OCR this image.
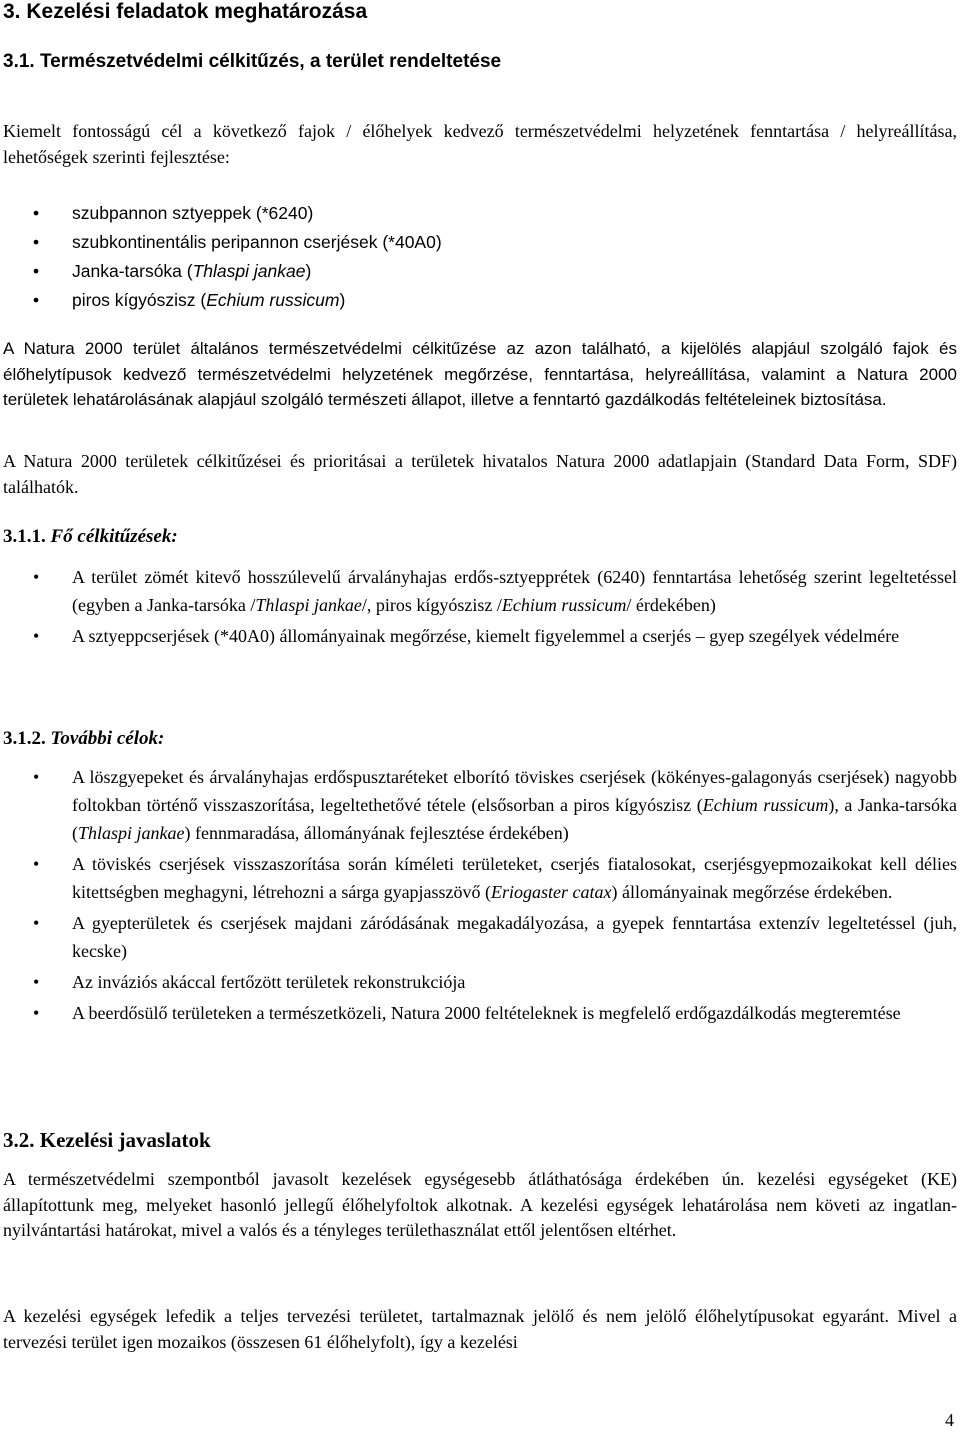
3. Kezelési feladatok meghatározása
3.1. Természetvédelmi célkitűzés, a terület rendeltetése

Kiemelt fontosságú cél a következő fajok / élőhelyek kedvező természetvédelmi helyzetének fenntartása / helyreállítása, lehetőségek szerinti fejlesztése:

• szubpannon sztyeppek (*6240)
• szubkontinentális peripannon cserjések (*40A0)
• Janka-tarsóka (Thlaspi jankae)
• piros kígyószisz (Echium russicum)

A Natura 2000 terület általános természetvédelmi célkitűzése az azon található, a kijelölés alapjául szolgáló fajok és élőhelytípusok kedvező természetvédelmi helyzetének megőrzése, fenntartása, helyreállítása, valamint a Natura 2000 területek lehatárolásának alapjául szolgáló természeti állapot, illetve a fenntartó gazdálkodás feltételeinek biztosítása.

A Natura 2000 területek célkitűzései és prioritásai a területek hivatalos Natura 2000 adatlapjain (Standard Data Form, SDF) találhatók.

3.1.1. Fő célkitűzések:
• A terület zömét kitevő hosszúlevelű árvalányhajas erdős-sztyepprétek (6240) fenntartása lehetőség szerint legeltetéssel (egyben a Janka-tarsóka /Thlaspi jankae/, piros kígyószisz /Echium russicum/ érdekében)
• A sztyeppcserjések (*40A0) állományainak megőrzése, kiemelt figyelemmel a cserjés – gyep szegélyek védelmére
3.1.2. További célok:
• A löszgyepeket és árvalányhajas erdőspusztaréteket elborító töviskes cserjések (kökényes-galagonyás cserjések) nagyobb foltokban történő visszaszorítása, legeltethetővé tétele (elsősorban a piros kígyószisz (Echium russicum), a Janka-tarsóka (Thlaspi jankae) fennmaradása, állományának fejlesztése érdekében)
• A töviskés cserjések visszaszorítása során kíméleti területeket, cserjés fiatalosokat, cserjésgyepmozaikokat kell délies kitettségben meghagyni, létrehozni a sárga gyapjasszövő (Eriogaster catax) állományainak megőrzése érdekében.
• A gyepterületek és cserjések majdani záródásának megakadályozása, a gyepek fenntartása extenzív legeltetéssel (juh, kecske)
• Az inváziós akáccal fertőzött területek rekonstrukciója
• A beerdősülő területeken a természetközeli, Natura 2000 feltételeknek is megfelelő erdőgazdálkodás megteremtése
3.2. Kezelési javaslatok

A természetvédelmi szempontból javasolt kezelések egységesebb átláthatósága érdekében ún. kezelési egységeket (KE) állapítottunk meg, melyeket hasonló jellegű élőhelyfoltok alkotnak. A kezelési egységek lehatárolása nem követi az ingatlan-nyilvántartási határokat, mivel a valós és a tényleges területhasználat ettől jelentősen eltérhet.

A kezelési egységek lefedik a teljes tervezési területet, tartalmaznak jelölő és nem jelölő élőhelytípusokat egyaránt. Mivel a tervezési terület igen mozaikos (összesen 61 élőhelyfolt), így a kezelési

4
